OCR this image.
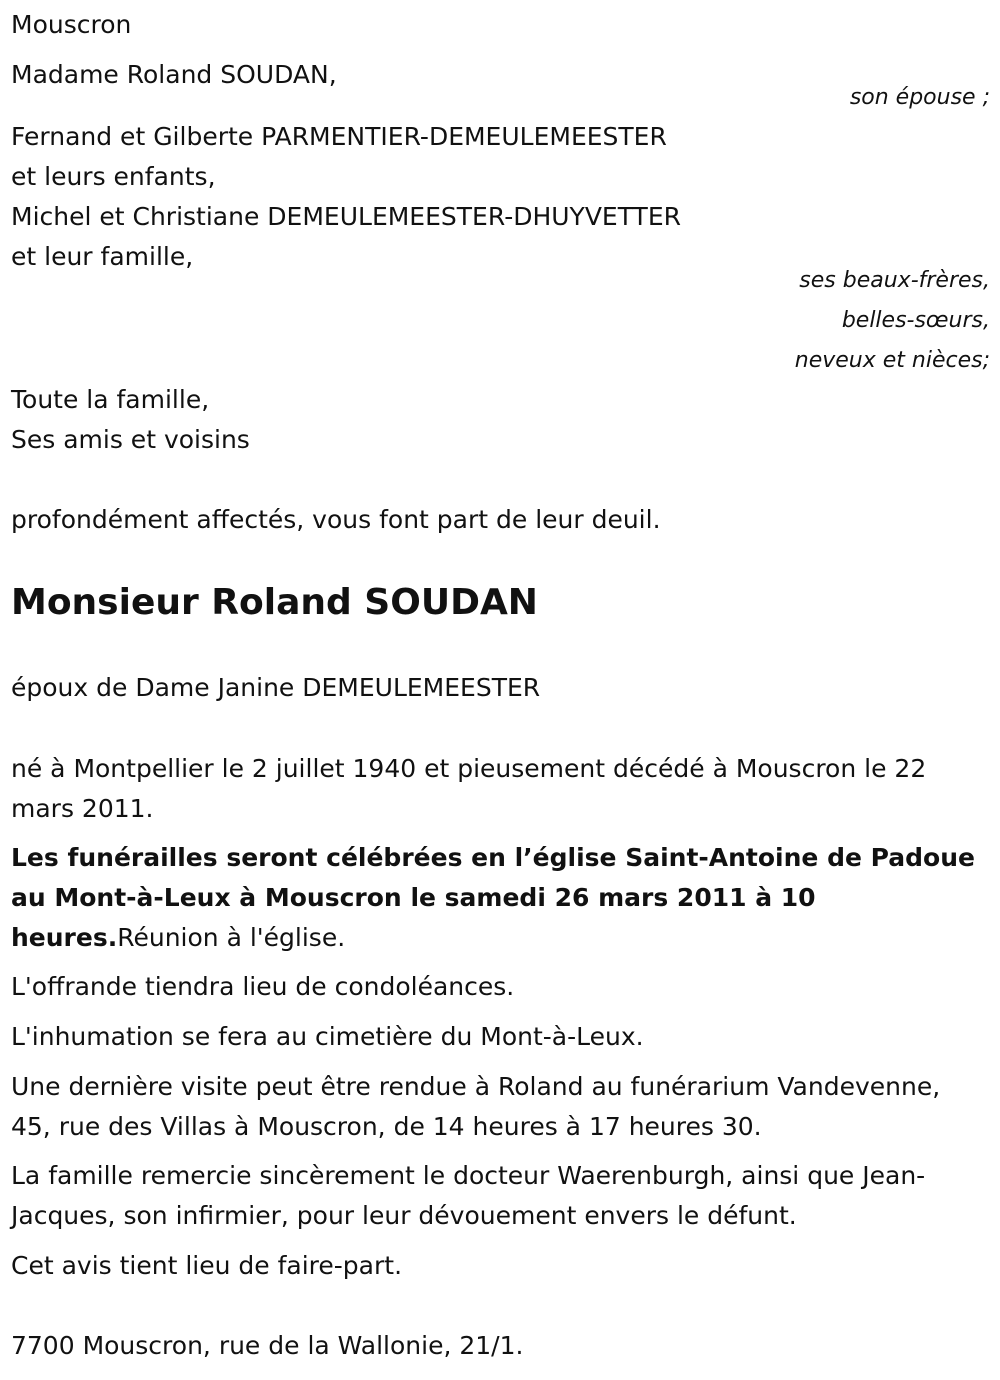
Mouscron
Madame Roland SOUDAN,
son épouse ;
Fernand et Gilberte PARMENTIER-DEMEULEMEESTER
et leurs enfants,
Michel et Christiane DEMEULEMEESTER-DHUYVETTER
et leur famille,
ses beaux-frères,
belles-sœurs,
neveux et nièces;
Toute la famille,
Ses amis et voisins
profondément affectés, vous font part de leur deuil.
Monsieur Roland SOUDAN
époux de Dame Janine DEMEULEMEESTER
né à Montpellier le 2 juillet 1940 et pieusement décédé à Mouscron le 22 mars 2011.
Les funérailles seront célébrées en l’église Saint-Antoine de Padoue au Mont-à-Leux à Mouscron le samedi 26 mars 2011 à 10 heures.Réunion à l'église.
L'offrande tiendra lieu de condoléances.
L'inhumation se fera au cimetière du Mont-à-Leux.
Une dernière visite peut être rendue à Roland au funérarium Vandevenne, 45, rue des Villas à Mouscron, de 14 heures à 17 heures 30.
La famille remercie sincèrement le docteur Waerenburgh, ainsi que Jean-Jacques, son infirmier, pour leur dévouement envers le défunt.
Cet avis tient lieu de faire-part.
7700 Mouscron, rue de la Wallonie, 21/1.
